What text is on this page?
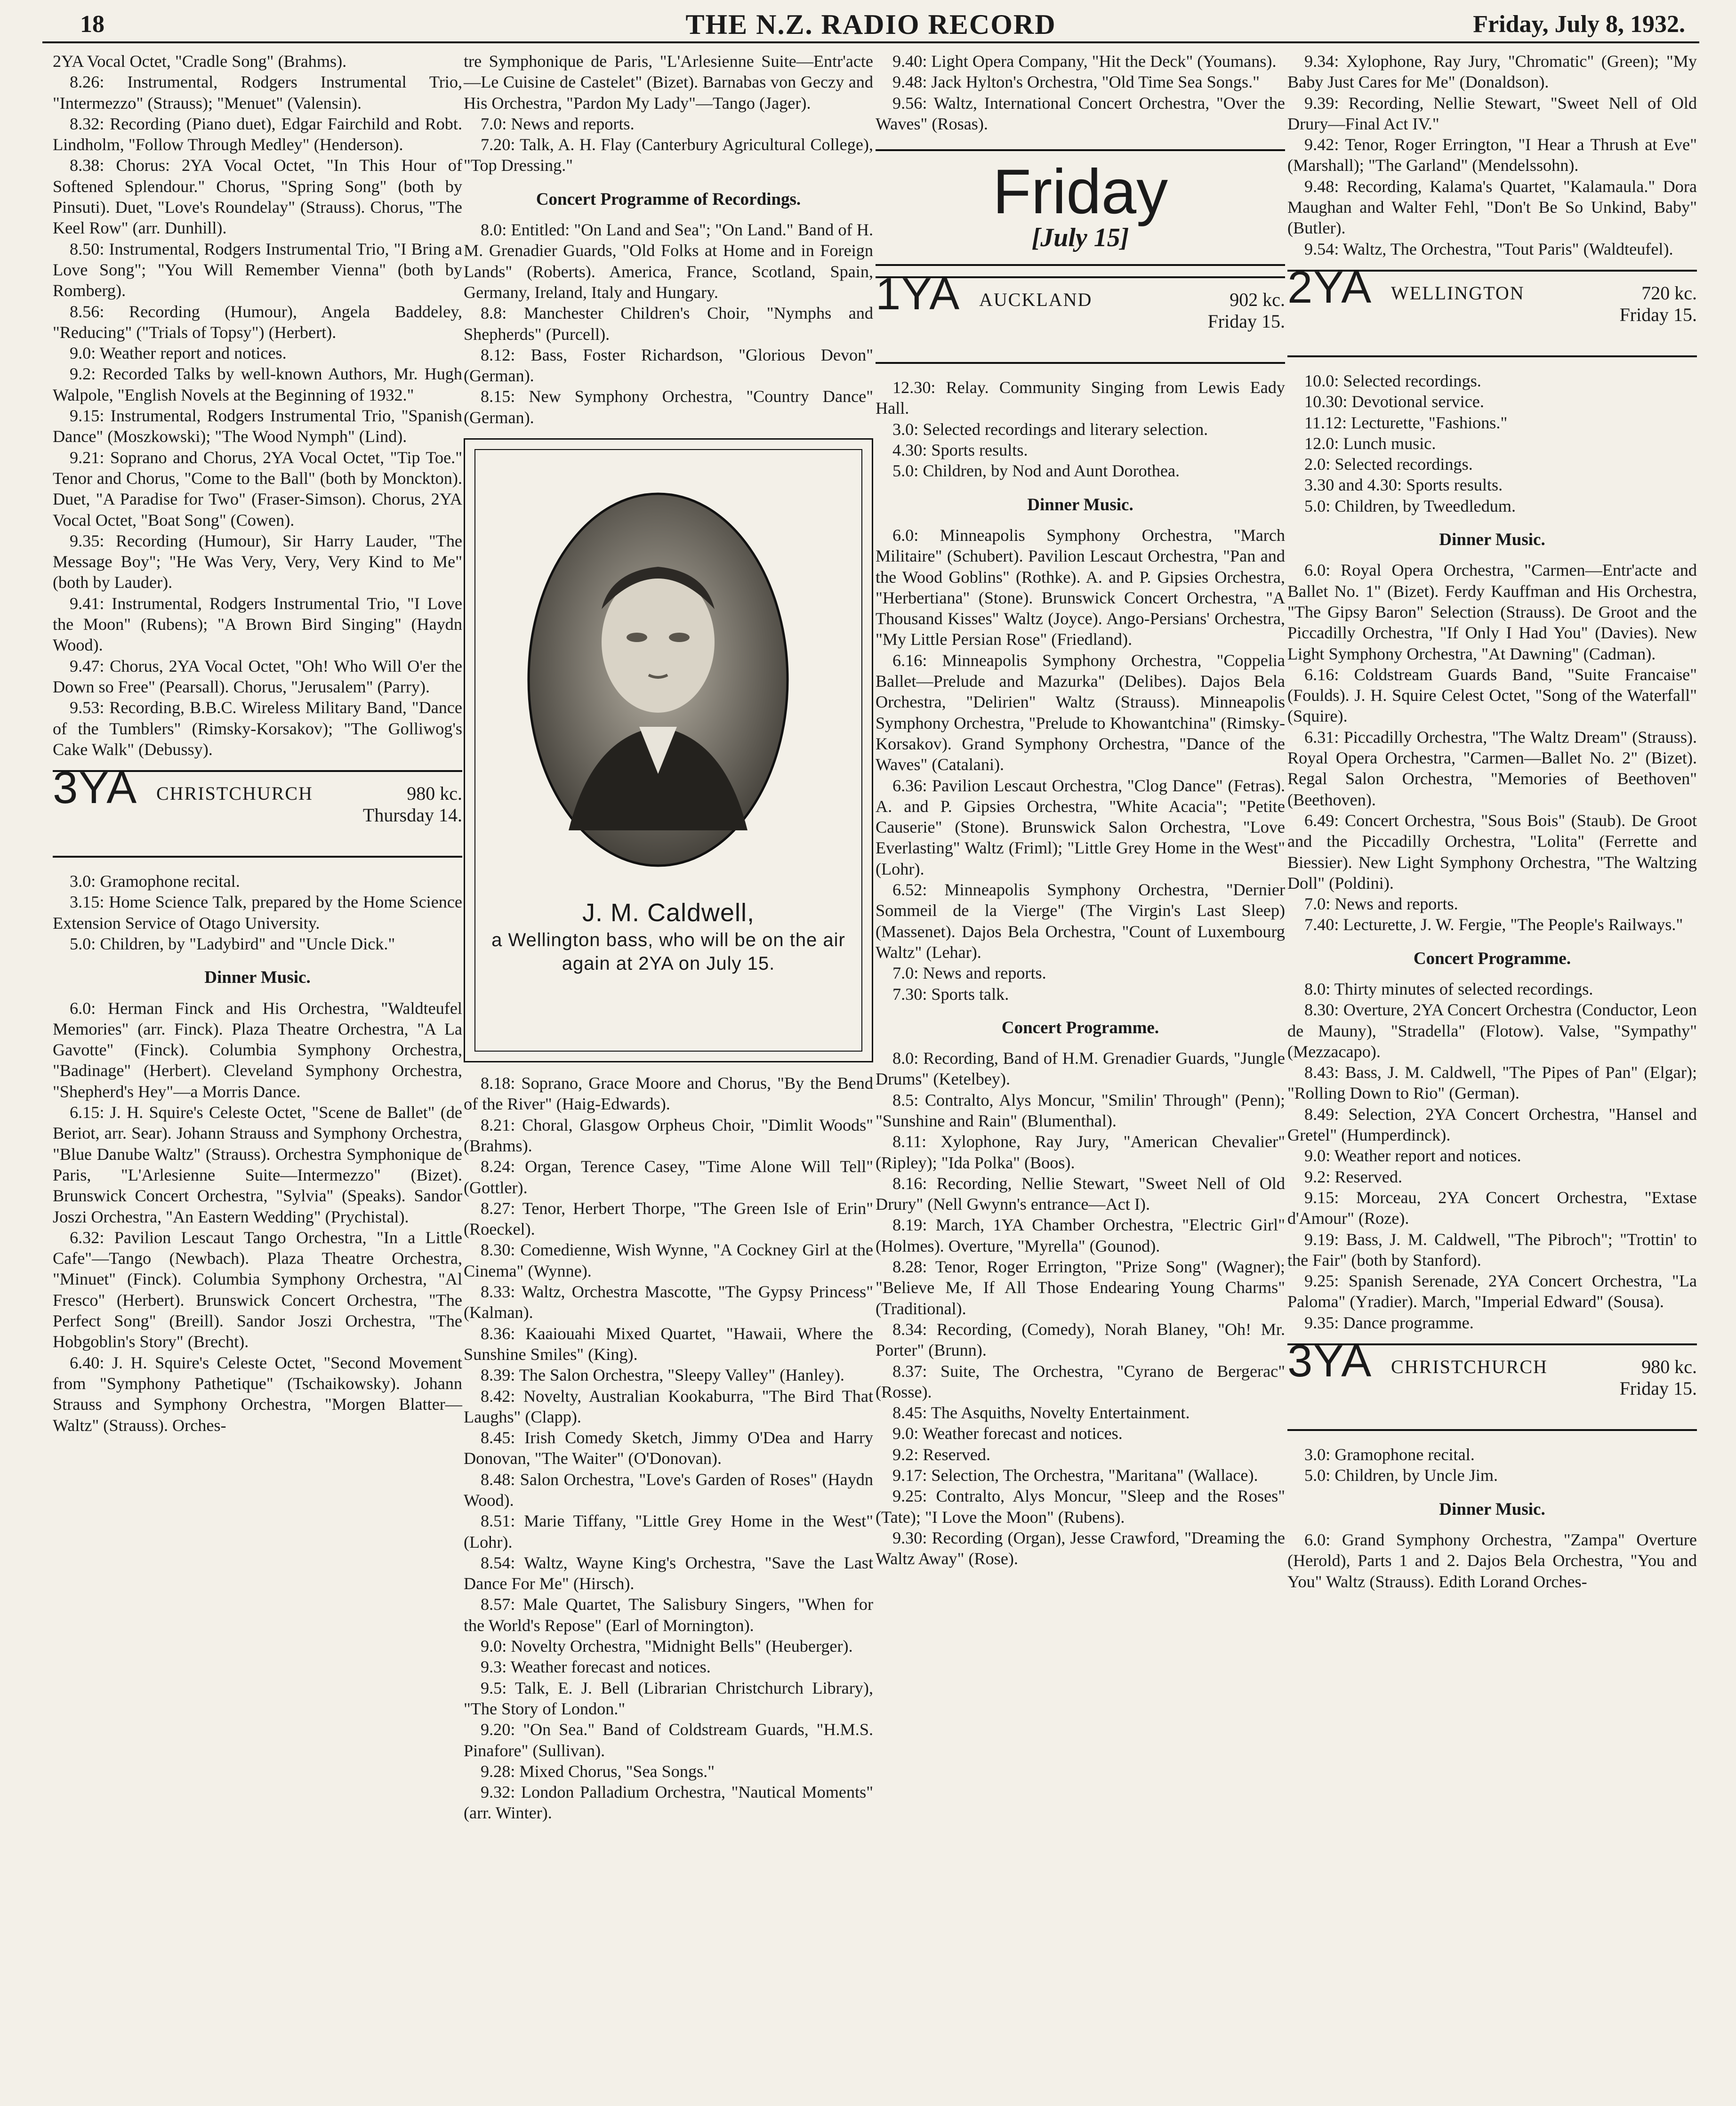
18	THE N.Z. RADIO RECORD	Friday, July 8, 1932.

2YA Vocal Octet, "Cradle Song" (Brahms).

8.26: Instrumental, Rodgers Instrumental Trio, "Intermezzo" (Strauss); "Menuet" (Valensin).

8.32: Recording (Piano duet), Edgar Fairchild and Robt. Lindholm, "Follow Through Medley" (Henderson).

8.38: Chorus: 2YA Vocal Octet, "In This Hour of Softened Splendour." Chorus, "Spring Song" (both by Pinsuti). Duet, "Love's Roundelay" (Strauss). Chorus, "The Keel Row" (arr. Dunhill).

8.50: Instrumental, Rodgers Instrumental Trio, "I Bring a Love Song"; "You Will Remember Vienna" (both by Romberg).

8.56: Recording (Humour), Angela Baddeley, "Reducing" ("Trials of Topsy") (Herbert).

9.0: Weather report and notices.

9.2: Recorded Talks by well-known Authors, Mr. Hugh Walpole, "English Novels at the Beginning of 1932."

9.15: Instrumental, Rodgers Instrumental Trio, "Spanish Dance" (Moszkowski); "The Wood Nymph" (Lind).

9.21: Soprano and Chorus, 2YA Vocal Octet, "Tip Toe." Tenor and Chorus, "Come to the Ball" (both by Monckton). Duet, "A Paradise for Two" (Fraser-Simson). Chorus, 2YA Vocal Octet, "Boat Song" (Cowen).

9.35: Recording (Humour), Sir Harry Lauder, "The Message Boy"; "He Was Very, Very, Very Kind to Me" (both by Lauder).

9.41: Instrumental, Rodgers Instrumental Trio, "I Love the Moon" (Rubens); "A Brown Bird Singing" (Haydn Wood).

9.47: Chorus, 2YA Vocal Octet, "Oh! Who Will O'er the Down so Free" (Pearsall). Chorus, "Jerusalem" (Parry).

9.53: Recording, B.B.C. Wireless Military Band, "Dance of the Tumblers" (Rimsky-Korsakov); "The Golliwog's Cake Walk" (Debussy).

3YA CHRISTCHURCH	980 kc.
Thursday 14.

3.0: Gramophone recital.

3.15: Home Science Talk, prepared by the Home Science Extension Service of Otago University.

5.0: Children, by "Ladybird" and "Uncle Dick."

Dinner Music.

6.0: Herman Finck and His Orchestra, "Waldteufel Memories" (arr. Finck). Plaza Theatre Orchestra, "A La Gavotte" (Finck). Columbia Symphony Orchestra, "Badinage" (Herbert). Cleveland Symphony Orchestra, "Shepherd's Hey"—a Morris Dance.

6.15: J. H. Squire's Celeste Octet, "Scene de Ballet" (de Beriot, arr. Sear). Johann Strauss and Symphony Orchestra, "Blue Danube Waltz" (Strauss). Orchestra Symphonique de Paris, "L'Arlesienne Suite—Intermezzo" (Bizet). Brunswick Concert Orchestra, "Sylvia" (Speaks). Sandor Joszi Orchestra, "An Eastern Wedding" (Prychistal).

6.32: Pavilion Lescaut Tango Orchestra, "In a Little Cafe"—Tango (Newbach). Plaza Theatre Orchestra, "Minuet" (Finck). Columbia Symphony Orchestra, "Al Fresco" (Herbert). Brunswick Concert Orchestra, "The Perfect Song" (Breill). Sandor Joszi Orchestra, "The Hobgoblin's Story" (Brecht).

6.40: J. H. Squire's Celeste Octet, "Second Movement from "Symphony Pathetique" (Tschaikowsky). Johann Strauss and Symphony Orchestra, "Morgen Blatter—Waltz" (Strauss). Orches-

tre Symphonique de Paris, "L'Arlesienne Suite—Entr'acte—Le Cuisine de Castelet" (Bizet). Barnabas von Geczy and His Orchestra, "Pardon My Lady"—Tango (Jager).

7.0: News and reports.

7.20: Talk, A. H. Flay (Canterbury Agricultural College), "Top Dressing."

Concert Programme of Recordings.

8.0: Entitled: "On Land and Sea"; "On Land." Band of H. M. Grenadier Guards, "Old Folks at Home and in Foreign Lands" (Roberts). America, France, Scotland, Spain, Germany, Ireland, Italy and Hungary.

8.8: Manchester Children's Choir, "Nymphs and Shepherds" (Purcell).

8.12: Bass, Foster Richardson, "Glorious Devon" (German).

8.15: New Symphony Orchestra, "Country Dance" (German).

J. M. Caldwell,
a Wellington bass, who will be on the air again at 2YA on July 15.

8.18: Soprano, Grace Moore and Chorus, "By the Bend of the River" (Haig-Edwards).

8.21: Choral, Glasgow Orpheus Choir, "Dimlit Woods" (Brahms).

8.24: Organ, Terence Casey, "Time Alone Will Tell" (Gottler).

8.27: Tenor, Herbert Thorpe, "The Green Isle of Erin" (Roeckel).

8.30: Comedienne, Wish Wynne, "A Cockney Girl at the Cinema" (Wynne).

8.33: Waltz, Orchestra Mascotte, "The Gypsy Princess" (Kalman).

8.36: Kaaiouahi Mixed Quartet, "Hawaii, Where the Sunshine Smiles" (King).

8.39: The Salon Orchestra, "Sleepy Valley" (Hanley).

8.42: Novelty, Australian Kookaburra, "The Bird That Laughs" (Clapp).

8.45: Irish Comedy Sketch, Jimmy O'Dea and Harry Donovan, "The Waiter" (O'Donovan).

8.48: Salon Orchestra, "Love's Garden of Roses" (Haydn Wood).

8.51: Marie Tiffany, "Little Grey Home in the West" (Lohr).

8.54: Waltz, Wayne King's Orchestra, "Save the Last Dance For Me" (Hirsch).

8.57: Male Quartet, The Salisbury Singers, "When for the World's Repose" (Earl of Mornington).

9.0: Novelty Orchestra, "Midnight Bells" (Heuberger).

9.3: Weather forecast and notices.

9.5: Talk, E. J. Bell (Librarian Christchurch Library), "The Story of London."

9.20: "On Sea." Band of Coldstream Guards, "H.M.S. Pinafore" (Sullivan).

9.28: Mixed Chorus, "Sea Songs."

9.32: London Palladium Orchestra, "Nautical Moments" (arr. Winter).

9.40: Light Opera Company, "Hit the Deck" (Youmans).

9.48: Jack Hylton's Orchestra, "Old Time Sea Songs."

9.56: Waltz, International Concert Orchestra, "Over the Waves" (Rosas).

Friday
[July 15]
1YA AUCKLAND	902 kc.
Friday 15.

12.30: Relay. Community Singing from Lewis Eady Hall.

3.0: Selected recordings and literary selection.

4.30: Sports results.

5.0: Children, by Nod and Aunt Dorothea.

Dinner Music.

6.0: Minneapolis Symphony Orchestra, "March Militaire" (Schubert). Pavilion Lescaut Orchestra, "Pan and the Wood Goblins" (Rothke). A. and P. Gipsies Orchestra, "Herbertiana" (Stone). Brunswick Concert Orchestra, "A Thousand Kisses" Waltz (Joyce). Ango-Persians' Orchestra, "My Little Persian Rose" (Friedland).

6.16: Minneapolis Symphony Orchestra, "Coppelia Ballet—Prelude and Mazurka" (Delibes). Dajos Bela Orchestra, "Delirien" Waltz (Strauss). Minneapolis Symphony Orchestra, "Prelude to Khowantchina" (Rimsky-Korsakov). Grand Symphony Orchestra, "Dance of the Waves" (Catalani).

6.36: Pavilion Lescaut Orchestra, "Clog Dance" (Fetras). A. and P. Gipsies Orchestra, "White Acacia"; "Petite Causerie" (Stone). Brunswick Salon Orchestra, "Love Everlasting" Waltz (Friml); "Little Grey Home in the West" (Lohr).

6.52: Minneapolis Symphony Orchestra, "Dernier Sommeil de la Vierge" (The Virgin's Last Sleep) (Massenet). Dajos Bela Orchestra, "Count of Luxembourg Waltz" (Lehar).

7.0: News and reports.

7.30: Sports talk.

Concert Programme.

8.0: Recording, Band of H.M. Grenadier Guards, "Jungle Drums" (Ketelbey).

8.5: Contralto, Alys Moncur, "Smilin' Through" (Penn); "Sunshine and Rain" (Blumenthal).

8.11: Xylophone, Ray Jury, "American Chevalier" (Ripley); "Ida Polka" (Boos).

8.16: Recording, Nellie Stewart, "Sweet Nell of Old Drury" (Nell Gwynn's entrance—Act I).

8.19: March, 1YA Chamber Orchestra, "Electric Girl" (Holmes). Overture, "Myrella" (Gounod).

8.28: Tenor, Roger Errington, "Prize Song" (Wagner); "Believe Me, If All Those Endearing Young Charms" (Traditional).

8.34: Recording, (Comedy), Norah Blaney, "Oh! Mr. Porter" (Brunn).

8.37: Suite, The Orchestra, "Cyrano de Bergerac" (Rosse).

8.45: The Asquiths, Novelty Entertainment.

9.0: Weather forecast and notices.

9.2: Reserved.

9.17: Selection, The Orchestra, "Maritana" (Wallace).

9.25: Contralto, Alys Moncur, "Sleep and the Roses" (Tate); "I Love the Moon" (Rubens).

9.30: Recording (Organ), Jesse Crawford, "Dreaming the Waltz Away" (Rose).

9.34: Xylophone, Ray Jury, "Chromatic" (Green); "My Baby Just Cares for Me" (Donaldson).

9.39: Recording, Nellie Stewart, "Sweet Nell of Old Drury—Final Act IV."

9.42: Tenor, Roger Errington, "I Hear a Thrush at Eve" (Marshall); "The Garland" (Mendelssohn).

9.48: Recording, Kalama's Quartet, "Kalamaula." Dora Maughan and Walter Fehl, "Don't Be So Unkind, Baby" (Butler).

9.54: Waltz, The Orchestra, "Tout Paris" (Waldteufel).

2YA WELLINGTON	720 kc.
Friday 15.

10.0: Selected recordings.

10.30: Devotional service.

11.12: Lecturette, "Fashions."

12.0: Lunch music.

2.0: Selected recordings.

3.30 and 4.30: Sports results.

5.0: Children, by Tweedledum.

Dinner Music.

6.0: Royal Opera Orchestra, "Carmen—Entr'acte and Ballet No. 1" (Bizet). Ferdy Kauffman and His Orchestra, "The Gipsy Baron" Selection (Strauss). De Groot and the Piccadilly Orchestra, "If Only I Had You" (Davies). New Light Symphony Orchestra, "At Dawning" (Cadman).

6.16: Coldstream Guards Band, "Suite Francaise" (Foulds). J. H. Squire Celest Octet, "Song of the Waterfall" (Squire).

6.31: Piccadilly Orchestra, "The Waltz Dream" (Strauss). Royal Opera Orchestra, "Carmen—Ballet No. 2" (Bizet). Regal Salon Orchestra, "Memories of Beethoven" (Beethoven).

6.49: Concert Orchestra, "Sous Bois" (Staub). De Groot and the Piccadilly Orchestra, "Lolita" (Ferrette and Biessier). New Light Symphony Orchestra, "The Waltzing Doll" (Poldini).

7.0: News and reports.

7.40: Lecturette, J. W. Fergie, "The People's Railways."

Concert Programme.

8.0: Thirty minutes of selected recordings.

8.30: Overture, 2YA Concert Orchestra (Conductor, Leon de Mauny), "Stradella" (Flotow). Valse, "Sympathy" (Mezzacapo).

8.43: Bass, J. M. Caldwell, "The Pipes of Pan" (Elgar); "Rolling Down to Rio" (German).

8.49: Selection, 2YA Concert Orchestra, "Hansel and Gretel" (Humperdinck).

9.0: Weather report and notices.

9.2: Reserved.

9.15: Morceau, 2YA Concert Orchestra, "Extase d'Amour" (Roze).

9.19: Bass, J. M. Caldwell, "The Pibroch"; "Trottin' to the Fair" (both by Stanford).

9.25: Spanish Serenade, 2YA Concert Orchestra, "La Paloma" (Yradier). March, "Imperial Edward" (Sousa).

9.35: Dance programme.

3YA CHRISTCHURCH	980 kc.
Friday 15.

3.0: Gramophone recital.

5.0: Children, by Uncle Jim.

Dinner Music.

6.0: Grand Symphony Orchestra, "Zampa" Overture (Herold), Parts 1 and 2. Dajos Bela Orchestra, "You and You" Waltz (Strauss). Edith Lorand Orches-
